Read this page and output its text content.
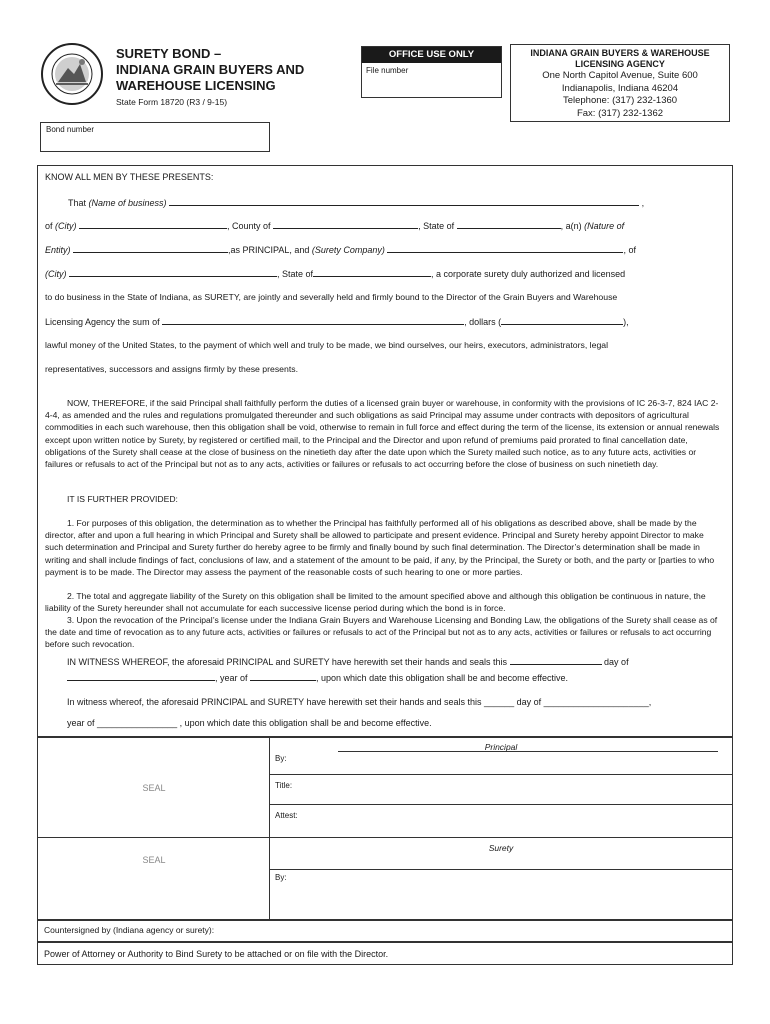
SURETY BOND –
INDIANA GRAIN BUYERS AND
WAREHOUSE LICENSING
State Form 18720 (R3 / 9-15)
OFFICE USE ONLY
File number
INDIANA GRAIN BUYERS & WAREHOUSE
LICENSING AGENCY
One North Capitol Avenue, Suite 600
Indianapolis, Indiana 46204
Telephone: (317) 232-1360
Fax: (317) 232-1362
Bond number
KNOW ALL MEN BY THESE PRESENTS:
That (Name of business)	,
of (City)	, County of	, State of	, a(n) (Nature of
Entity)	,as PRINCIPAL, and (Surety Company)	, of
(City)	, State of	, a corporate surety duly authorized and licensed
to do business in the State of Indiana, as SURETY, are jointly and severally held and firmly bound to the Director of the Grain Buyers and Warehouse
Licensing Agency the sum of	, dollars (	),
lawful money of the United States, to the payment of which well and truly to be made, we bind ourselves, our heirs, executors, administrators, legal
representatives, successors and assigns firmly by these presents.
NOW, THEREFORE, if the said Principal shall faithfully perform the duties of a licensed grain buyer or warehouse, in conformity with the provisions of IC 26-3-7, 824 IAC 2-4-4, as amended and the rules and regulations promulgated thereunder and such obligations as said Principal may assume under contracts with depositors of agricultural commodities in each such warehouse, then this obligation shall be void, otherwise to remain in full force and effect during the term of the license, its extension or annual renewals except upon written notice by Surety, by registered or certified mail, to the Principal and the Director and upon refund of premiums paid prorated to final cancellation date, obligations of the Surety shall cease at the close of business on the ninetieth day after the date upon which the Surety mailed such notice, as to any future acts, activities or failures or refusals to act of the Principal but not as to any acts, activities or failures or refusals to act occurring before the close of business on such ninetieth day.
IT IS FURTHER PROVIDED:
1. For purposes of this obligation, the determination as to whether the Principal has faithfully performed all of his obligations as described above, shall be made by the director, after and upon a full hearing in which Principal and Surety shall be allowed to participate and present evidence. Principal and Surety hereby appoint Director to make such determination and Principal and Surety further do hereby agree to be firmly and finally bound by such final determination. The Director’s determination shall be made in writing and shall include findings of fact, conclusions of law, and a statement of the amount to be paid, if any, by the Principal, the Surety or both, and the party or [parties to who payment is to be made. The Director may assess the payment of the reasonable costs of such hearing to one or more parties.
2. The total and aggregate liability of the Surety on this obligation shall be limited to the amount specified above and although this obligation be continuous in nature, the liability of the Surety hereunder shall not accumulate for each successive license period during which the bond is in force.
3. Upon the revocation of the Principal’s license under the Indiana Grain Buyers and Warehouse Licensing and Bonding Law, the obligations of the Surety shall cease as of the date and time of revocation as to any future acts, activities or failures or refusals to act of the Principal but not as to any acts, activities or failures or refusals to act occurring before such revocation.
IN WITNESS WHEREOF, the aforesaid PRINCIPAL and SURETY have herewith set their hands and seals this	day of
, year of	, upon which date this obligation shall be and become effective.
In witness whereof, the aforesaid PRINCIPAL and SURETY have herewith set their hands and seals this ______ day of _____________________,
year of ________________ , upon which date this obligation shall be and become effective.
SEAL
SEAL
Principal
By:
Title:
Attest:
Surety
By:
Countersigned by (Indiana agency or surety):
Power of Attorney or Authority to Bind Surety to be attached or on file with the Director.
